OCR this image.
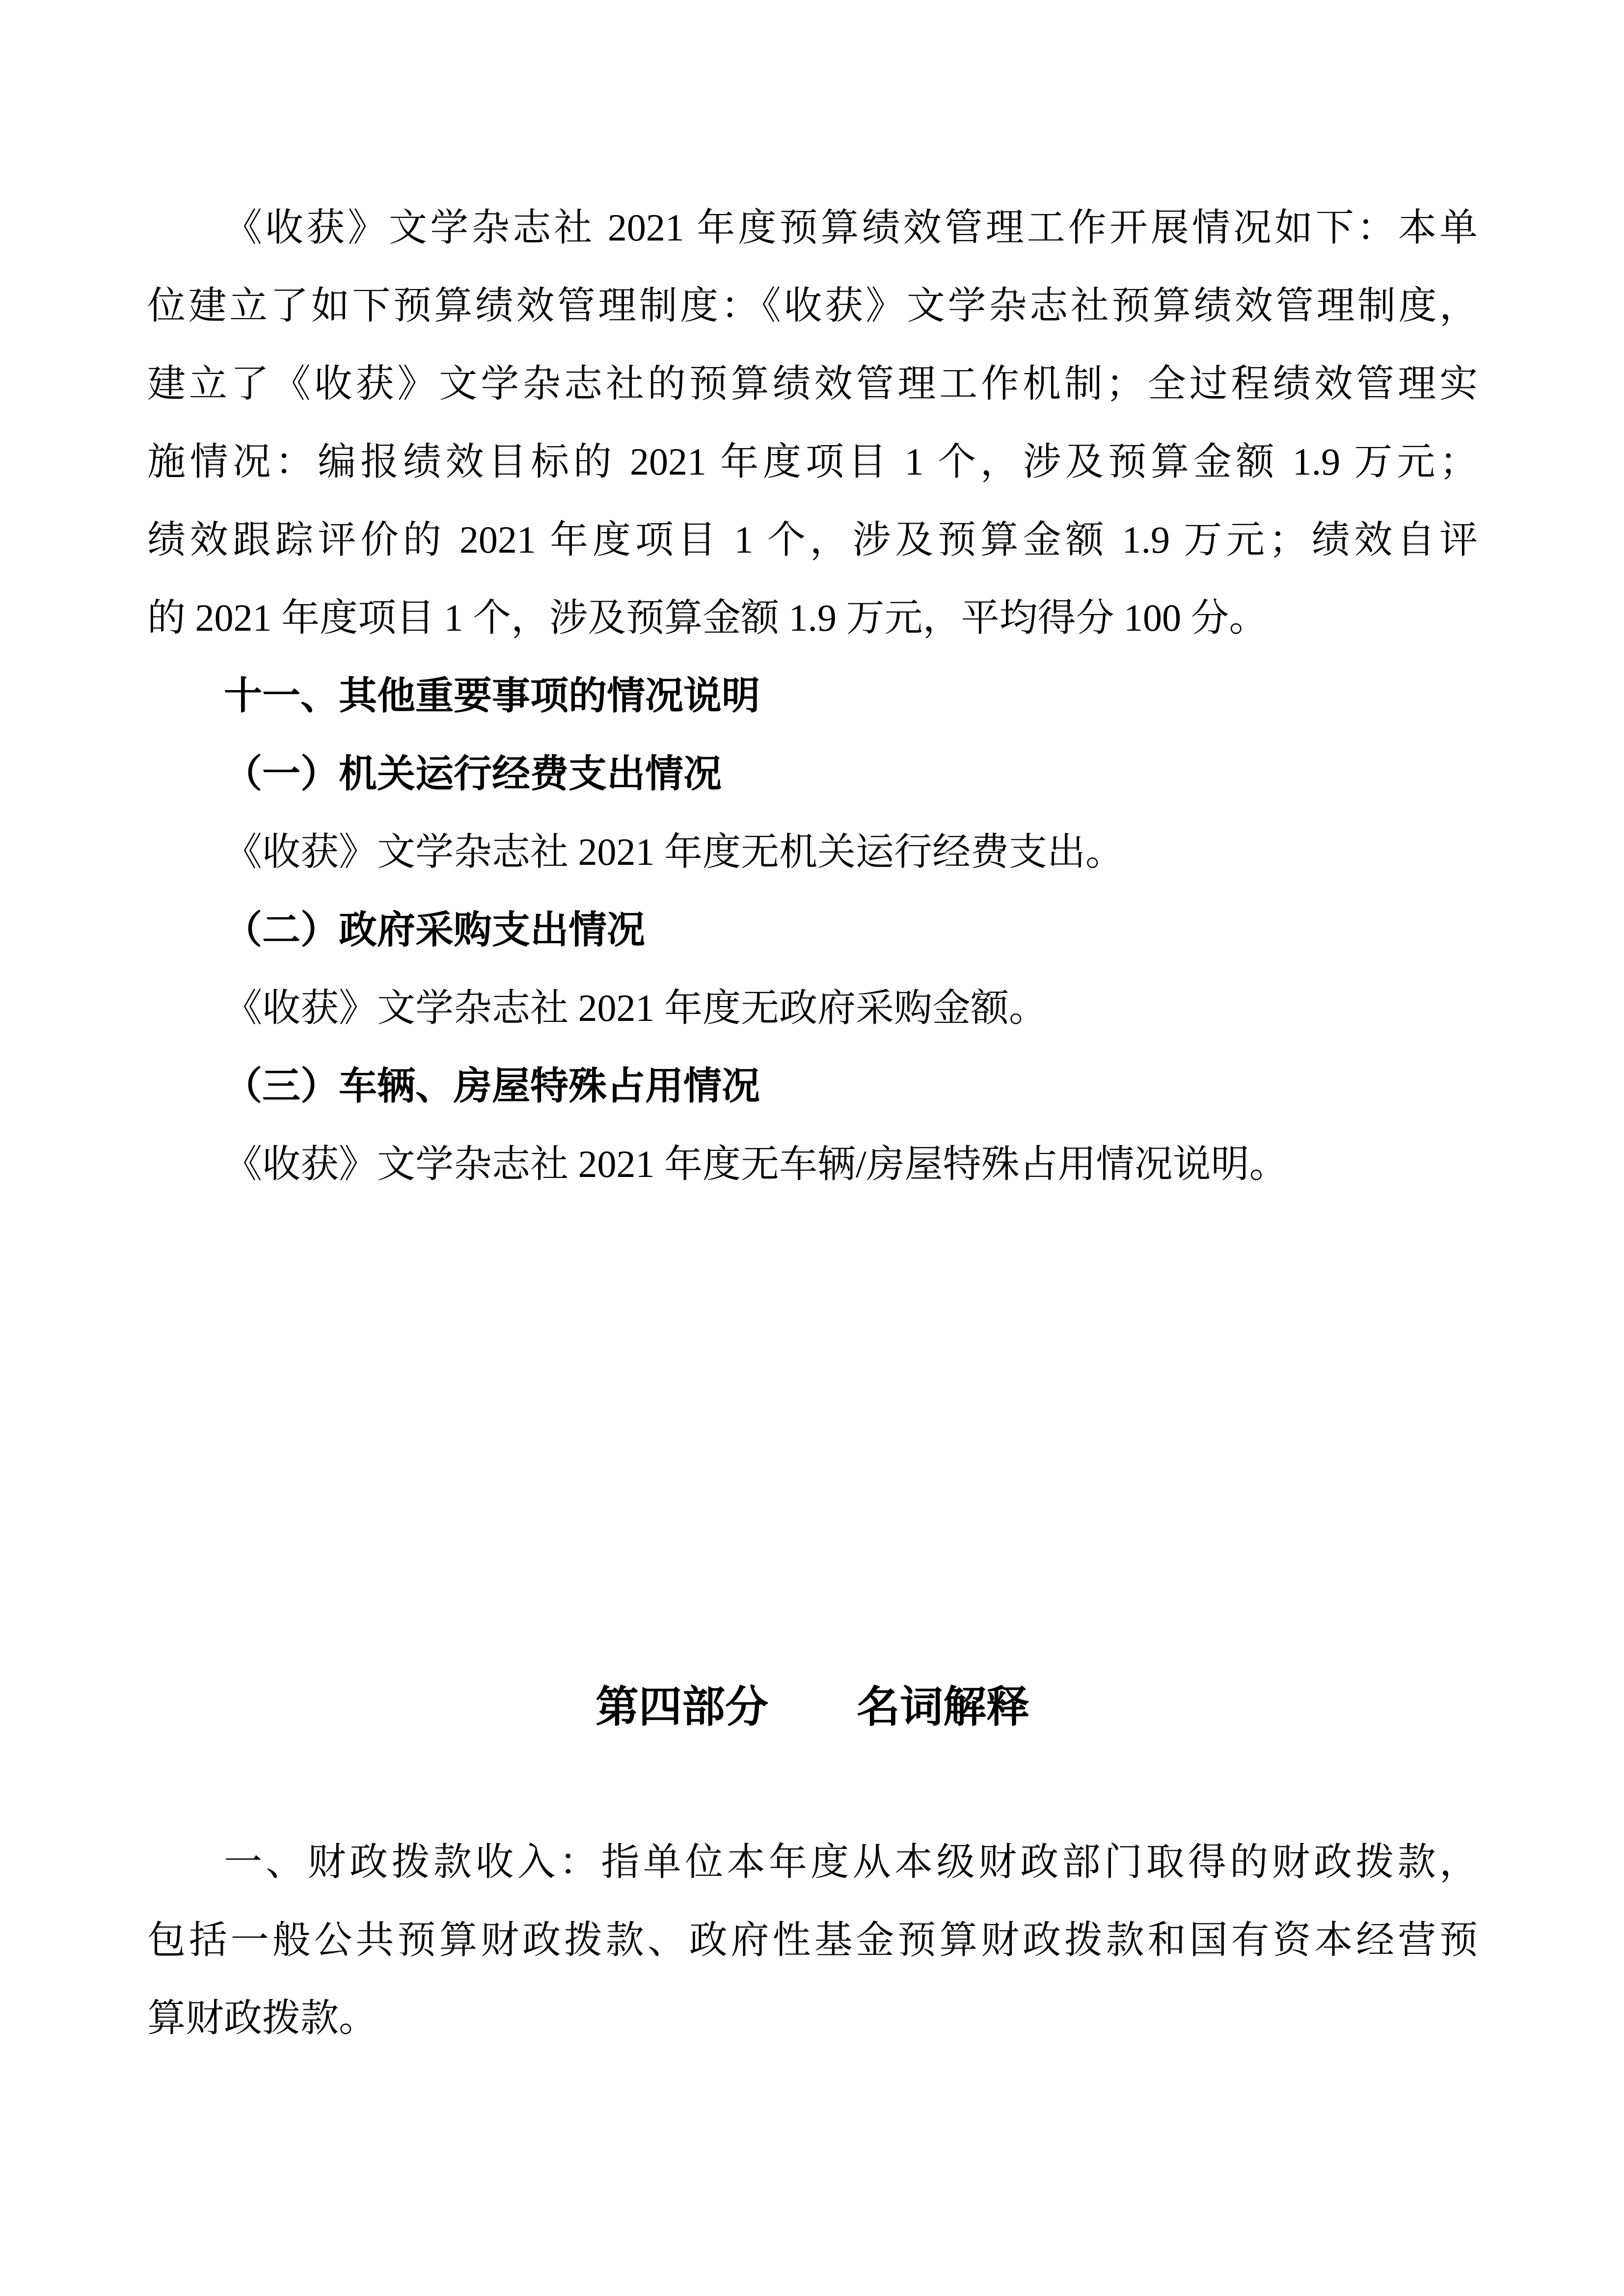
《收获》文学杂志社 2021 年度预算绩效管理工作开展情况如下：本单
位建立了如下预算绩效管理制度：《收获》文学杂志社预算绩效管理制度，
建立了《收获》文学杂志社的预算绩效管理工作机制；全过程绩效管理实
施情况：编报绩效目标的 2021 年度项目 1 个，涉及预算金额 1.9 万元；
绩效跟踪评价的 2021 年度项目 1 个，涉及预算金额 1.9 万元；绩效自评
的 2021 年度项目 1 个，涉及预算金额 1.9 万元，平均得分 100 分。
十一、其他重要事项的情况说明
（一）机关运行经费支出情况
《收获》文学杂志社 2021 年度无机关运行经费支出。
（二）政府采购支出情况
《收获》文学杂志社 2021 年度无政府采购金额。
（三）车辆、房屋特殊占用情况
《收获》文学杂志社 2021 年度无车辆/房屋特殊占用情况说明。
第四部分 名词解释
一、财政拨款收入：指单位本年度从本级财政部门取得的财政拨款，
包括一般公共预算财政拨款、政府性基金预算财政拨款和国有资本经营预
算财政拨款。
